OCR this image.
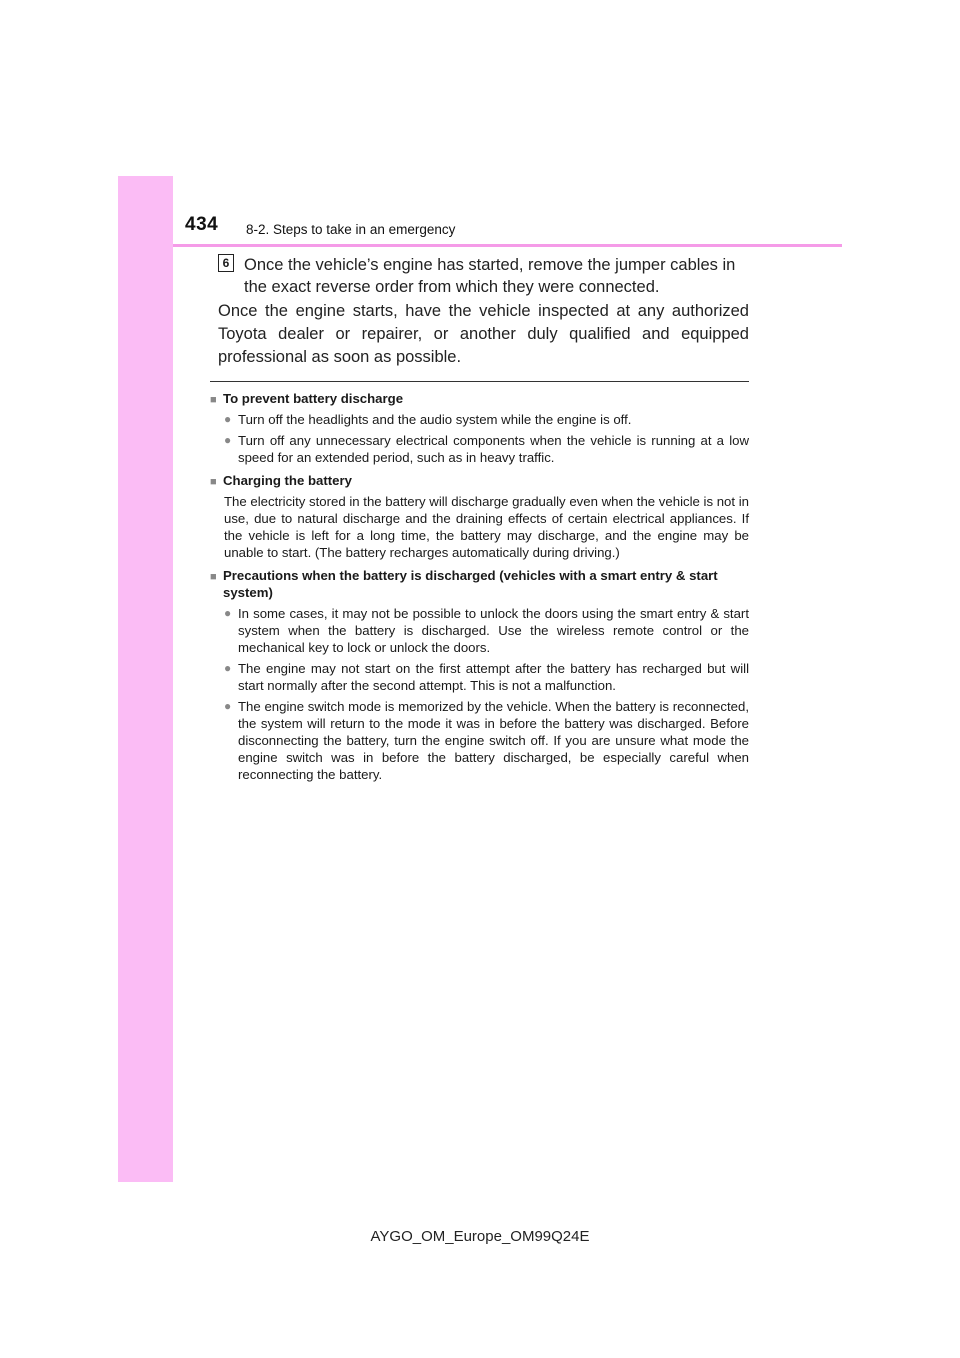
434 8-2. Steps to take in an emergency
6 Once the vehicle’s engine has started, remove the jumper cables in the exact reverse order from which they were connected.
Once the engine starts, have the vehicle inspected at any authorized Toyota dealer or repairer, or another duly qualified and equipped professional as soon as possible.

■ To prevent battery discharge

● Turn off the headlights and the audio system while the engine is off.

● Turn off any unnecessary electrical components when the vehicle is running at a low speed for an extended period, such as in heavy traffic.

■ Charging the battery

The electricity stored in the battery will discharge gradually even when the vehicle is not in use, due to natural discharge and the draining effects of certain electrical appliances. If the vehicle is left for a long time, the battery may discharge, and the engine may be unable to start. (The battery recharges automatically during driving.)

■ Precautions when the battery is discharged (vehicles with a smart entry & start system)

● In some cases, it may not be possible to unlock the doors using the smart entry & start system when the battery is discharged. Use the wireless remote control or the mechanical key to lock or unlock the doors.

● The engine may not start on the first attempt after the battery has recharged but will start normally after the second attempt. This is not a malfunction.

● The engine switch mode is memorized by the vehicle. When the battery is reconnected, the system will return to the mode it was in before the battery was discharged. Before disconnecting the battery, turn the engine switch off. If you are unsure what mode the engine switch was in before the battery discharged, be especially careful when reconnecting the battery.

AYGO_OM_Europe_OM99Q24E
